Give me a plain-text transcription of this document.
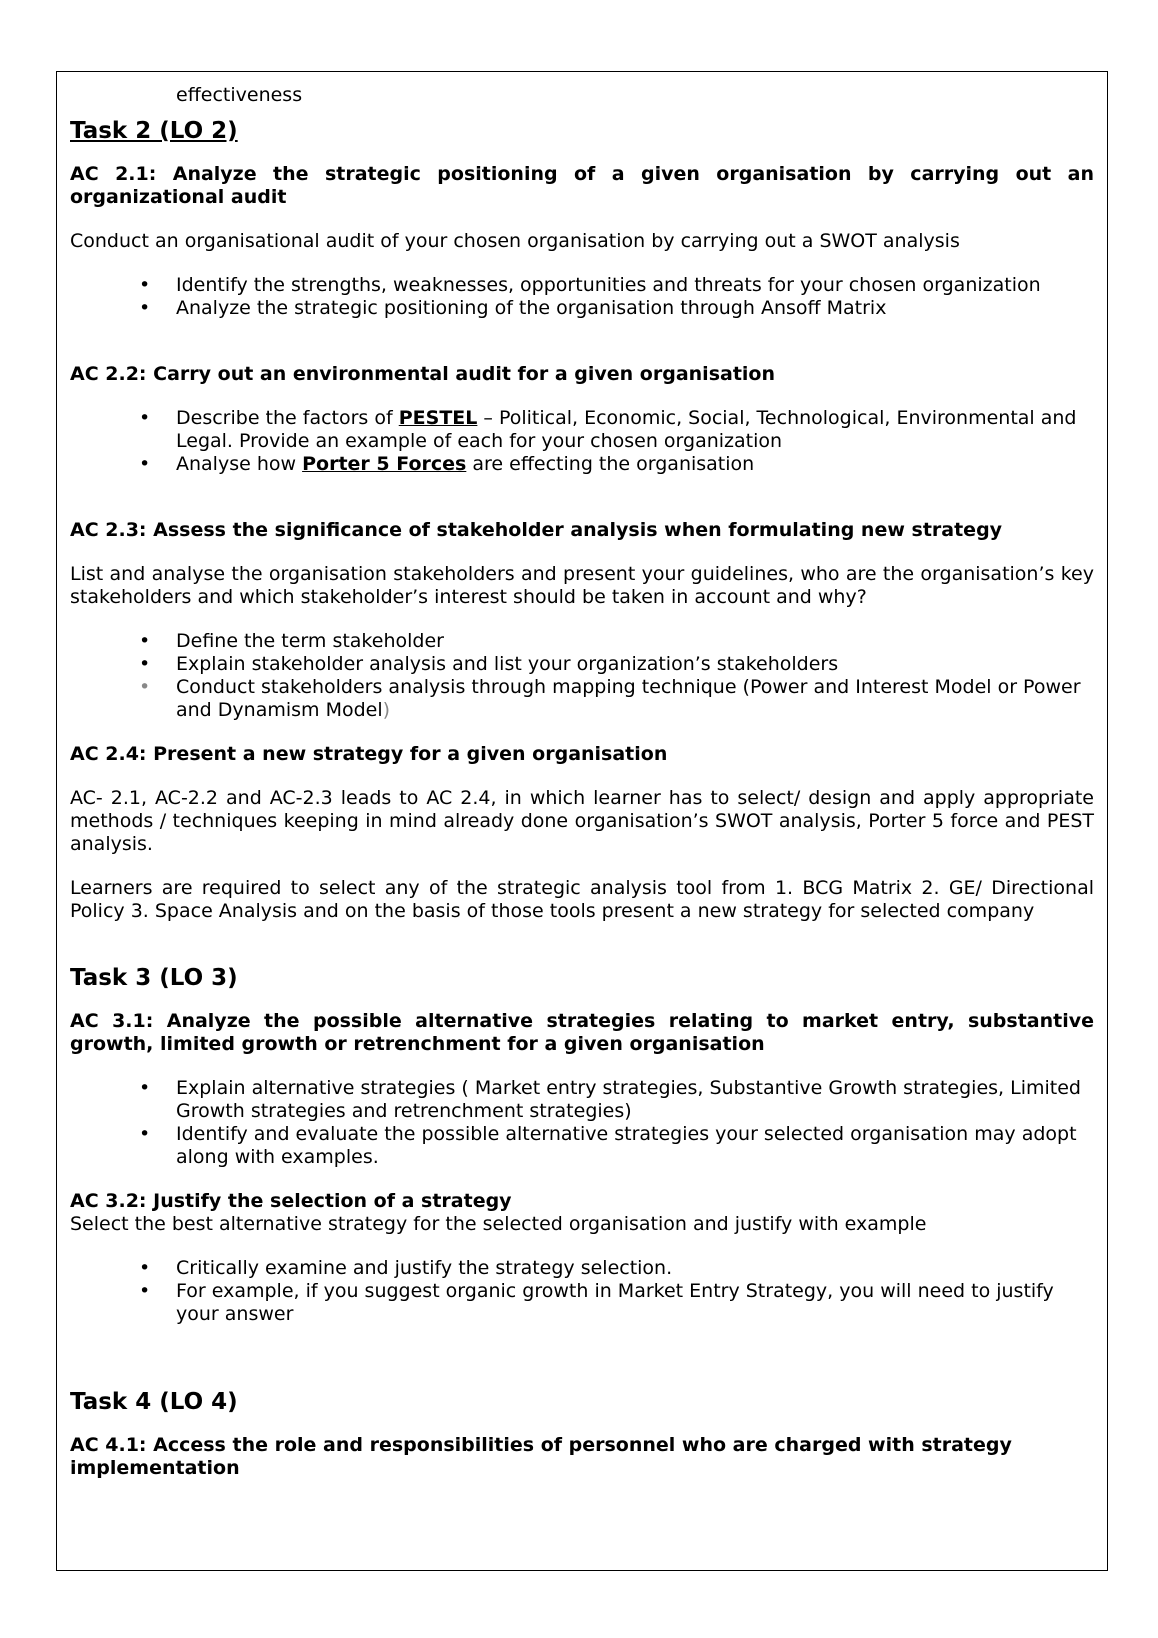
effectiveness

Task 2 (LO 2)

AC 2.1: Analyze the strategic positioning of a given organisation by carrying out an organizational audit

Conduct an organisational audit of your chosen organisation by carrying out a SWOT analysis

•	Identify the strengths, weaknesses, opportunities and threats for your chosen organization
•	Analyze the strategic positioning of the organisation through Ansoff Matrix

AC 2.2: Carry out an environmental audit for a given organisation

•	Describe the factors of PESTEL – Political, Economic, Social, Technological, Environmental and Legal. Provide an example of each for your chosen organization
•	Analyse how Porter 5 Forces are effecting the organisation

AC 2.3: Assess the significance of stakeholder analysis when formulating new strategy

List and analyse the organisation stakeholders and present your guidelines, who are the organisation’s key stakeholders and which stakeholder’s interest should be taken in account and why?

•	Define the term stakeholder
•	Explain stakeholder analysis and list your organization’s stakeholders
•	Conduct stakeholders analysis through mapping technique (Power and Interest Model or Power and Dynamism Model)

AC 2.4: Present a new strategy for a given organisation

AC- 2.1, AC-2.2 and AC-2.3 leads to AC 2.4, in which learner has to select/ design and apply appropriate methods / techniques keeping in mind already done organisation’s SWOT analysis, Porter 5 force and PEST analysis.

Learners are required to select any of the strategic analysis tool from 1. BCG Matrix 2. GE/ Directional Policy 3. Space Analysis and on the basis of those tools present a new strategy for selected company

Task 3 (LO 3)

AC 3.1: Analyze the possible alternative strategies relating to market entry, substantive growth, limited growth or retrenchment for a given organisation

•	Explain alternative strategies ( Market entry strategies, Substantive Growth strategies, Limited Growth strategies and retrenchment strategies)
•	Identify and evaluate the possible alternative strategies your selected organisation may adopt along with examples.

AC 3.2: Justify the selection of a strategy

Select the best alternative strategy for the selected organisation and justify with example

•	Critically examine and justify the strategy selection.
•	For example, if you suggest organic growth in Market Entry Strategy, you will need to justify your answer
Task 4 (LO 4)

AC 4.1: Access the role and responsibilities of personnel who are charged with strategy implementation
